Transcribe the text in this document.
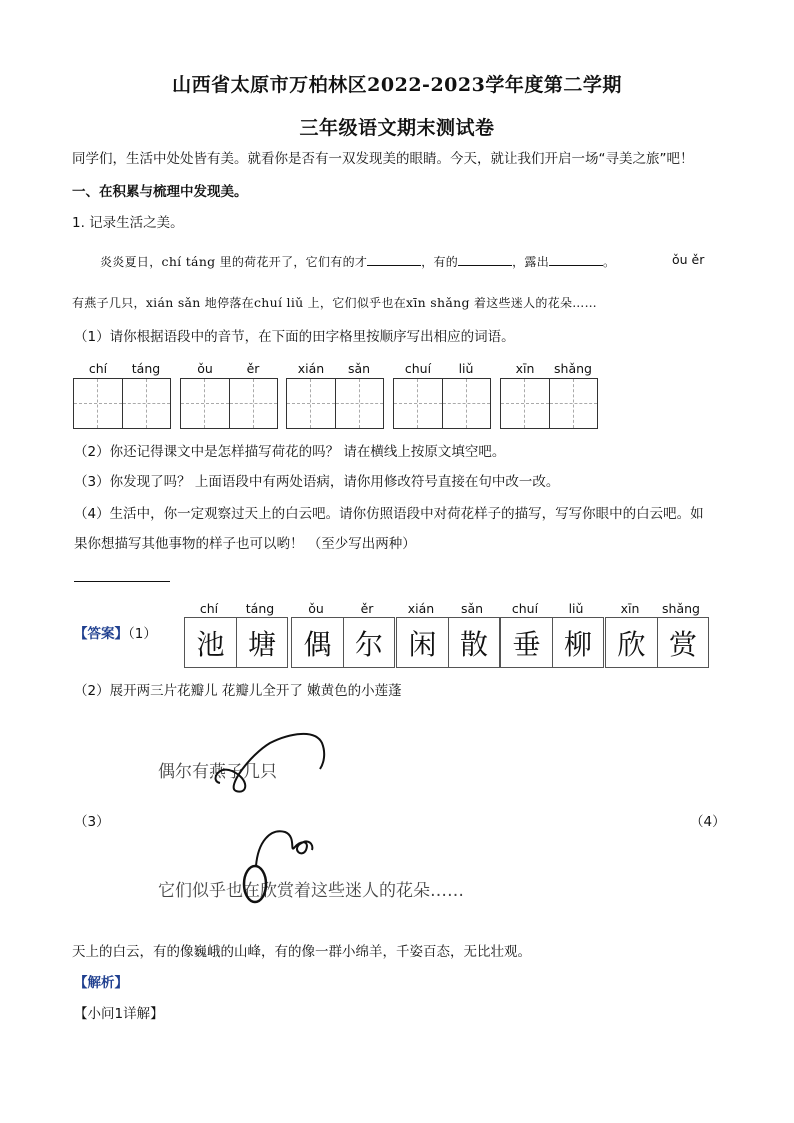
山西省太原市万柏林区2022-2023学年度第二学期
三年级语文期末测试卷
同学们，生活中处处皆有美。就看你是否有一双发现美的眼睛。今天，就让我们开启一场“寻美之旅”吧！
一、在积累与梳理中发现美。
1. 记录生活之美。
炎炎夏日，chí táng 里的荷花开了，它们有的才	，有的	，露出	。	ǒu ěr
有燕子几只，xián sǎn 地停落在chuí liǔ 上，它们似乎也在xīn shǎng 着这些迷人的花朵……
（1）请你根据语段中的音节，在下面的田字格里按顺序写出相应的词语。
chí	táng	ǒu	ěr	xián	sǎn	chuí	liǔ	xīn	shǎng
（2）你还记得课文中是怎样描写荷花的吗？ 请在横线上按原文填空吧。
（3）你发现了吗？ 上面语段中有两处语病，请你用修改符号直接在句中改一改。
（4）生活中，你一定观察过天上的白云吧。请你仿照语段中对荷花样子的描写，写写你眼中的白云吧。如
果你想描写其他事物的样子也可以哟！ （至少写出两种）
【答案】（1）
chí	táng	ǒu	ěr	xián	sǎn	chuí	liǔ	xīn	shǎng
池 塘 偶 尔 闲 散 垂 柳 欣 赏
（2）展开两三片花瓣儿 花瓣儿全开了 嫩黄色的小莲蓬
偶尔有燕子几只
（3）	（4）
它们似乎也在欣赏着这些迷人的花朵……
天上的白云，有的像巍峨的山峰，有的像一群小绵羊，千姿百态，无比壮观。
【解析】
【小问1详解】
